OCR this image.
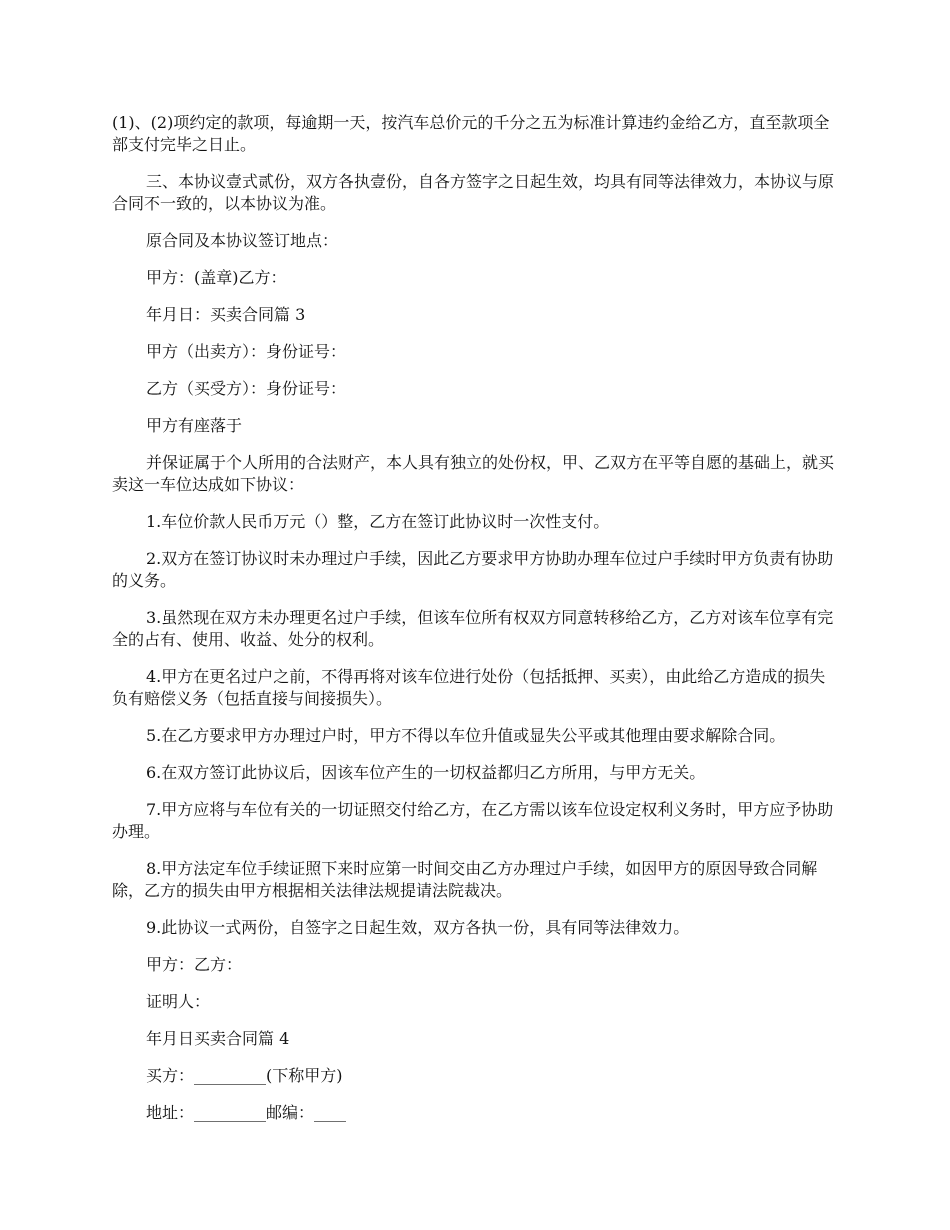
(1)、(2)项约定的款项，每逾期一天，按汽车总价元的千分之五为标准计算违约金给乙方，直至款项全部支付完毕之日止。

三、本协议壹式贰份，双方各执壹份，自各方签字之日起生效，均具有同等法律效力，本协议与原合同不一致的，以本协议为准。

原合同及本协议签订地点：

甲方：(盖章)乙方：

年月日：买卖合同篇 3

甲方（出卖方）：身份证号：

乙方（买受方）：身份证号：

甲方有座落于

并保证属于个人所用的合法财产，本人具有独立的处份权，甲、乙双方在平等自愿的基础上，就买卖这一车位达成如下协议：

1.车位价款人民币万元（）整，乙方在签订此协议时一次性支付。

2.双方在签订协议时未办理过户手续，因此乙方要求甲方协助办理车位过户手续时甲方负责有协助的义务。

3.虽然现在双方未办理更名过户手续，但该车位所有权双方同意转移给乙方，乙方对该车位享有完全的占有、使用、收益、处分的权利。

4.甲方在更名过户之前，不得再将对该车位进行处份（包括抵押、买卖），由此给乙方造成的损失负有赔偿义务（包括直接与间接损失）。

5.在乙方要求甲方办理过户时，甲方不得以车位升值或显失公平或其他理由要求解除合同。

6.在双方签订此协议后，因该车位产生的一切权益都归乙方所用，与甲方无关。

7.甲方应将与车位有关的一切证照交付给乙方，在乙方需以该车位设定权利义务时，甲方应予协助办理。

8.甲方法定车位手续证照下来时应第一时间交由乙方办理过户手续，如因甲方的原因导致合同解除，乙方的损失由甲方根据相关法律法规提请法院裁决。

9.此协议一式两份，自签字之日起生效，双方各执一份，具有同等法律效力。

甲方：乙方：

证明人：

年月日买卖合同篇 4

买方：_________(下称甲方)

地址：_________邮编：____
